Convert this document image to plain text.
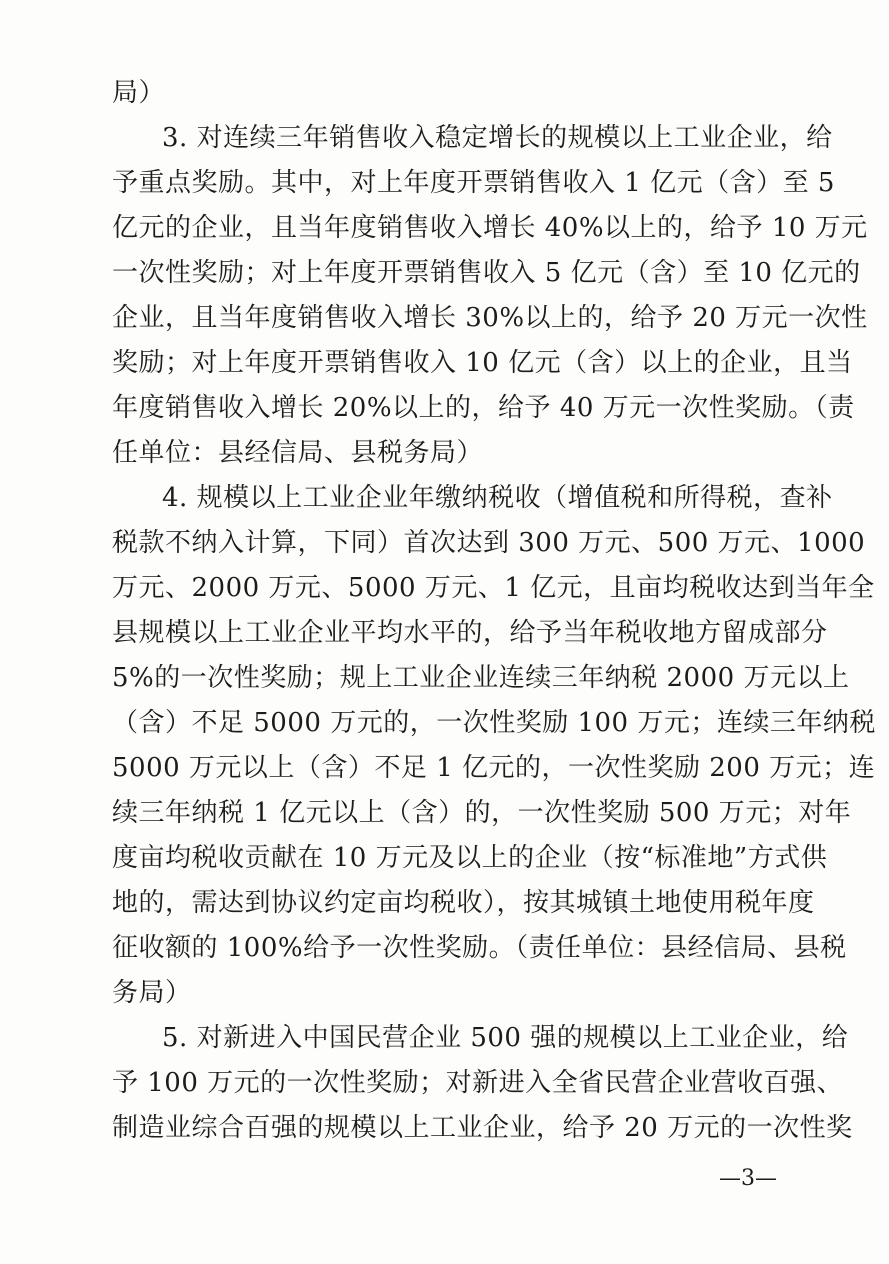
局）
3. 对连续三年销售收入稳定增长的规模以上工业企业，给
予重点奖励。其中，对上年度开票销售收入 1 亿元（含）至 5
亿元的企业，且当年度销售收入增长 40%以上的，给予 10 万元
一次性奖励；对上年度开票销售收入 5 亿元（含）至 10 亿元的
企业，且当年度销售收入增长 30%以上的，给予 20 万元一次性
奖励；对上年度开票销售收入 10 亿元（含）以上的企业，且当
年度销售收入增长 20%以上的，给予 40 万元一次性奖励。（责
任单位：县经信局、县税务局）
4. 规模以上工业企业年缴纳税收（增值税和所得税，查补
税款不纳入计算，下同）首次达到 300 万元、500 万元、1000
万元、2000 万元、5000 万元、1 亿元，且亩均税收达到当年全
县规模以上工业企业平均水平的，给予当年税收地方留成部分
5%的一次性奖励；规上工业企业连续三年纳税 2000 万元以上
（含）不足 5000 万元的，一次性奖励 100 万元；连续三年纳税
5000 万元以上（含）不足 1 亿元的，一次性奖励 200 万元；连
续三年纳税 1 亿元以上（含）的，一次性奖励 500 万元；对年
度亩均税收贡献在 10 万元及以上的企业（按“标准地”方式供
地的，需达到协议约定亩均税收），按其城镇土地使用税年度
征收额的 100%给予一次性奖励。（责任单位：县经信局、县税
务局）
5. 对新进入中国民营企业 500 强的规模以上工业企业，给
予 100 万元的一次性奖励；对新进入全省民营企业营收百强、
制造业综合百强的规模以上工业企业，给予 20 万元的一次性奖
—3—
